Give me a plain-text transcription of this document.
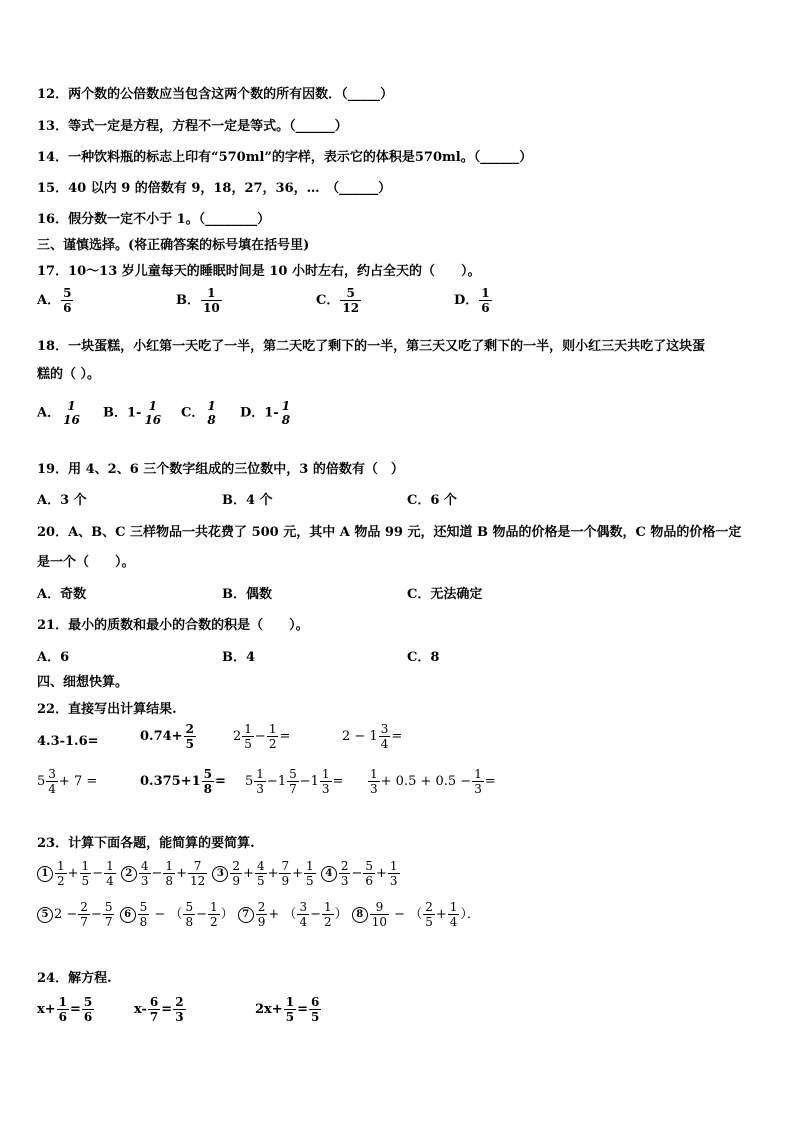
12．两个数的公倍数应当包含这两个数的所有因数．（_____）
13．等式一定是方程，方程不一定是等式。（______）
14．一种饮料瓶的标志上印有“570ml”的字样，表示它的体积是570ml。（______）
15．40 以内 9 的倍数有 9，18，27，36，…　（______）
16．假分数一定不小于 1。（________）
三、谨慎选择。(将正确答案的标号填在括号里)
17．10～13 岁儿童每天的睡眠时间是 10 小时左右，约占全天的（　　）。
A． $\frac{5}{6}$	B． $\frac{1}{10}$	C． $\frac{5}{12}$	D． $\frac{1}{6}$
18．一块蛋糕，小红第一天吃了一半，第二天吃了剩下的一半，第三天又吃了剩下的一半，则小红三天共吃了这块蛋
糕的（ ）。
A． 1
16 B．1- 1
16 C． 1
8 D．1- 1
8
19．用 4、2、6 三个数字组成的三位数中，3 的倍数有（　）
A．3 个	B．4 个	C．6 个
20．A、B、C 三样物品一共花费了 500 元，其中 A 物品 99 元，还知道 B 物品的价格是一个偶数，C 物品的价格一定
是一个（　　）。
A．奇数	B．偶数	C．无法确定
21．最小的质数和最小的合数的积是（　　）。
A．6	B．4	C．8
四、细想快算。
22．直接写出计算结果.
4.3-1.6=	$0.74+ \frac{2}{5}$	$2 \frac{1}{5} - \frac{1}{2}$ =	$2 - 1 \frac{3}{4}$ =
$5 \frac{3}{4} + 7$ =	$0.375+1 \frac{5}{8} = 5 \frac{1}{3} -1 \frac{5}{7} -1 \frac{1}{3} = \frac{1}{3} + 0.5 + 0.5 - \frac{1}{3}$ =
23．计算下面各题，能简算的要简算.
$1 \frac{1}{2} + \frac{1}{5} - \frac{1}{4} 2 \frac{4}{3} - \frac{1}{8} + \frac{7}{12} 3 \frac{2}{9} + \frac{4}{5} + \frac{7}{9} + \frac{1}{5} 4 \frac{2}{3} - \frac{5}{6} + \frac{1}{3}$
5 $2 - \frac{2}{7} - \frac{5}{7} 6 \frac{5}{8}$ − （ $\frac{5}{8} - \frac{1}{2}$ ） $7 \frac{2}{9}$ + （ $\frac{3}{4} - \frac{1}{2}$ ） $8 \frac{9}{10}$ − （ $\frac{2}{5} + \frac{1}{4}$ ）．
24．解方程.
$x+ \frac{1}{6} = \frac{5}{6}$	$x- \frac{6}{7} = \frac{2}{3}$	$2x+ \frac{1}{5} = \frac{6}{5}$
